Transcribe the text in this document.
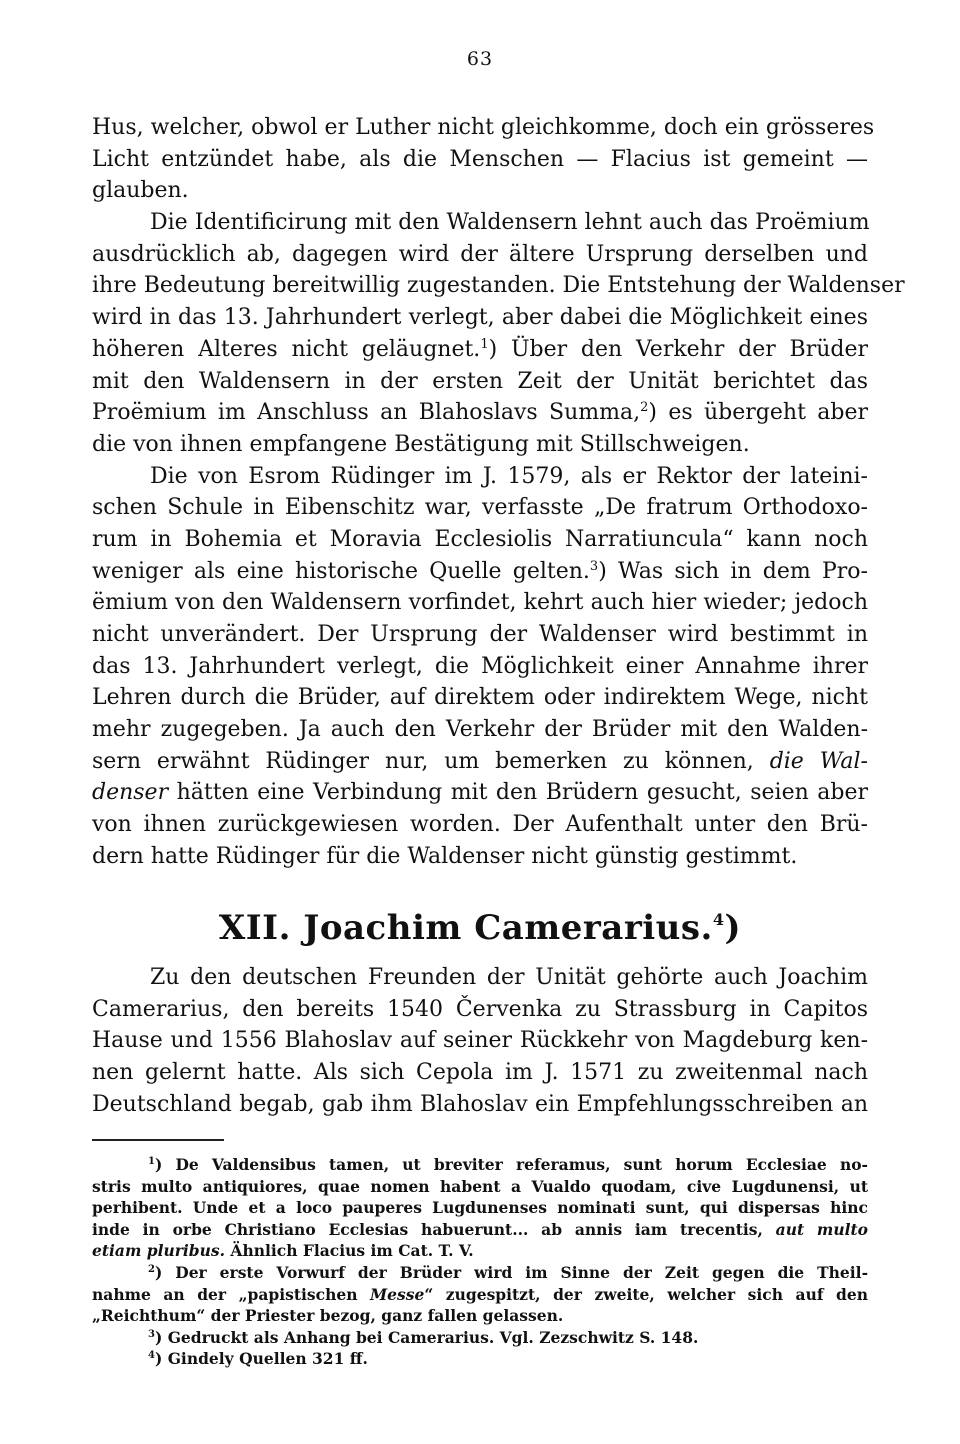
63
Hus, welcher, obwol er Luther nicht gleichkomme, doch ein grösseres
Licht entzündet habe, als die Menschen — Flacius ist gemeint —
glauben.
Die Identificirung mit den Waldensern lehnt auch das Proëmium
ausdrücklich ab, dagegen wird der ältere Ursprung derselben und
ihre Bedeutung bereitwillig zugestanden. Die Entstehung der Waldenser
wird in das 13. Jahrhundert verlegt, aber dabei die Möglichkeit eines
höheren Alteres nicht geläugnet.$^1$) Über den Verkehr der Brüder
mit den Waldensern in der ersten Zeit der Unität berichtet das
Proëmium im Anschluss an Blahoslavs Summa,$^2$) es übergeht aber
die von ihnen empfangene Bestätigung mit Stillschweigen.
Die von Esrom Rüdinger im J. 1579, als er Rektor der lateini-
schen Schule in Eibenschitz war, verfasste „De fratrum Orthodoxo-
rum in Bohemia et Moravia Ecclesiolis Narratiuncula“ kann noch
weniger als eine historische Quelle gelten.$^3$) Was sich in dem Pro-
ëmium von den Waldensern vorfindet, kehrt auch hier wieder; jedoch
nicht unverändert. Der Ursprung der Waldenser wird bestimmt in
das 13. Jahrhundert verlegt, die Möglichkeit einer Annahme ihrer
Lehren durch die Brüder, auf direktem oder indirektem Wege, nicht
mehr zugegeben. Ja auch den Verkehr der Brüder mit den Walden-
sern erwähnt Rüdinger nur, um bemerken zu können, die Wal-
denser hätten eine Verbindung mit den Brüdern gesucht, seien aber
von ihnen zurückgewiesen worden. Der Aufenthalt unter den Brü-
dern hatte Rüdinger für die Waldenser nicht günstig gestimmt.
XII. Joachim Camerarius.$^4$)
Zu den deutschen Freunden der Unität gehörte auch Joachim
Camerarius, den bereits 1540 Červenka zu Strassburg in Capitos
Hause und 1556 Blahoslav auf seiner Rückkehr von Magdeburg ken-
nen gelernt hatte. Als sich Cepola im J. 1571 zu zweitenmal nach
Deutschland begab, gab ihm Blahoslav ein Empfehlungsschreiben an
$^1$) De Valdensibus tamen, ut breviter referamus, sunt horum Ecclesiae no-
stris multo antiquiores, quae nomen habent a Vualdo quodam, cive Lugdunensi, ut
perhibent. Unde et a loco pauperes Lugdunenses nominati sunt, qui dispersas hinc
inde in orbe Christiano Ecclesias habuerunt... ab annis iam trecentis, aut multo
etiam pluribus. Ähnlich Flacius im Cat. T. V.
$^2$) Der erste Vorwurf der Brüder wird im Sinne der Zeit gegen die Theil-
nahme an der „papistischen Messe“ zugespitzt, der zweite, welcher sich auf den
„Reichthum“ der Priester bezog, ganz fallen gelassen.
$^3$) Gedruckt als Anhang bei Camerarius. Vgl. Zezschwitz S. 148.
$^4$) Gindely Quellen 321 ff.
